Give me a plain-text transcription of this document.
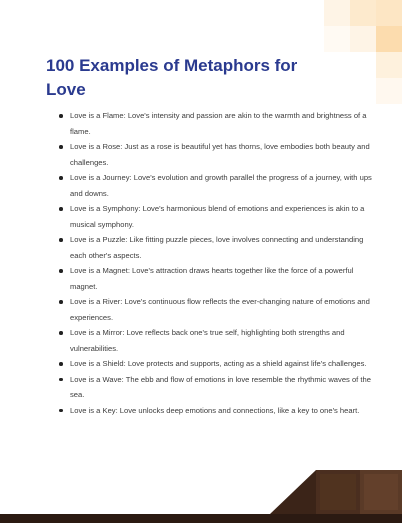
100 Examples of Metaphors for Love
Love is a Flame: Love's intensity and passion are akin to the warmth and brightness of a flame.
Love is a Rose: Just as a rose is beautiful yet has thorns, love embodies both beauty and challenges.
Love is a Journey: Love's evolution and growth parallel the progress of a journey, with ups and downs.
Love is a Symphony: Love's harmonious blend of emotions and experiences is akin to a musical symphony.
Love is a Puzzle: Like fitting puzzle pieces, love involves connecting and understanding each other's aspects.
Love is a Magnet: Love's attraction draws hearts together like the force of a powerful magnet.
Love is a River: Love's continuous flow reflects the ever-changing nature of emotions and experiences.
Love is a Mirror: Love reflects back one's true self, highlighting both strengths and vulnerabilities.
Love is a Shield: Love protects and supports, acting as a shield against life's challenges.
Love is a Wave: The ebb and flow of emotions in love resemble the rhythmic waves of the sea.
Love is a Key: Love unlocks deep emotions and connections, like a key to one's heart.
